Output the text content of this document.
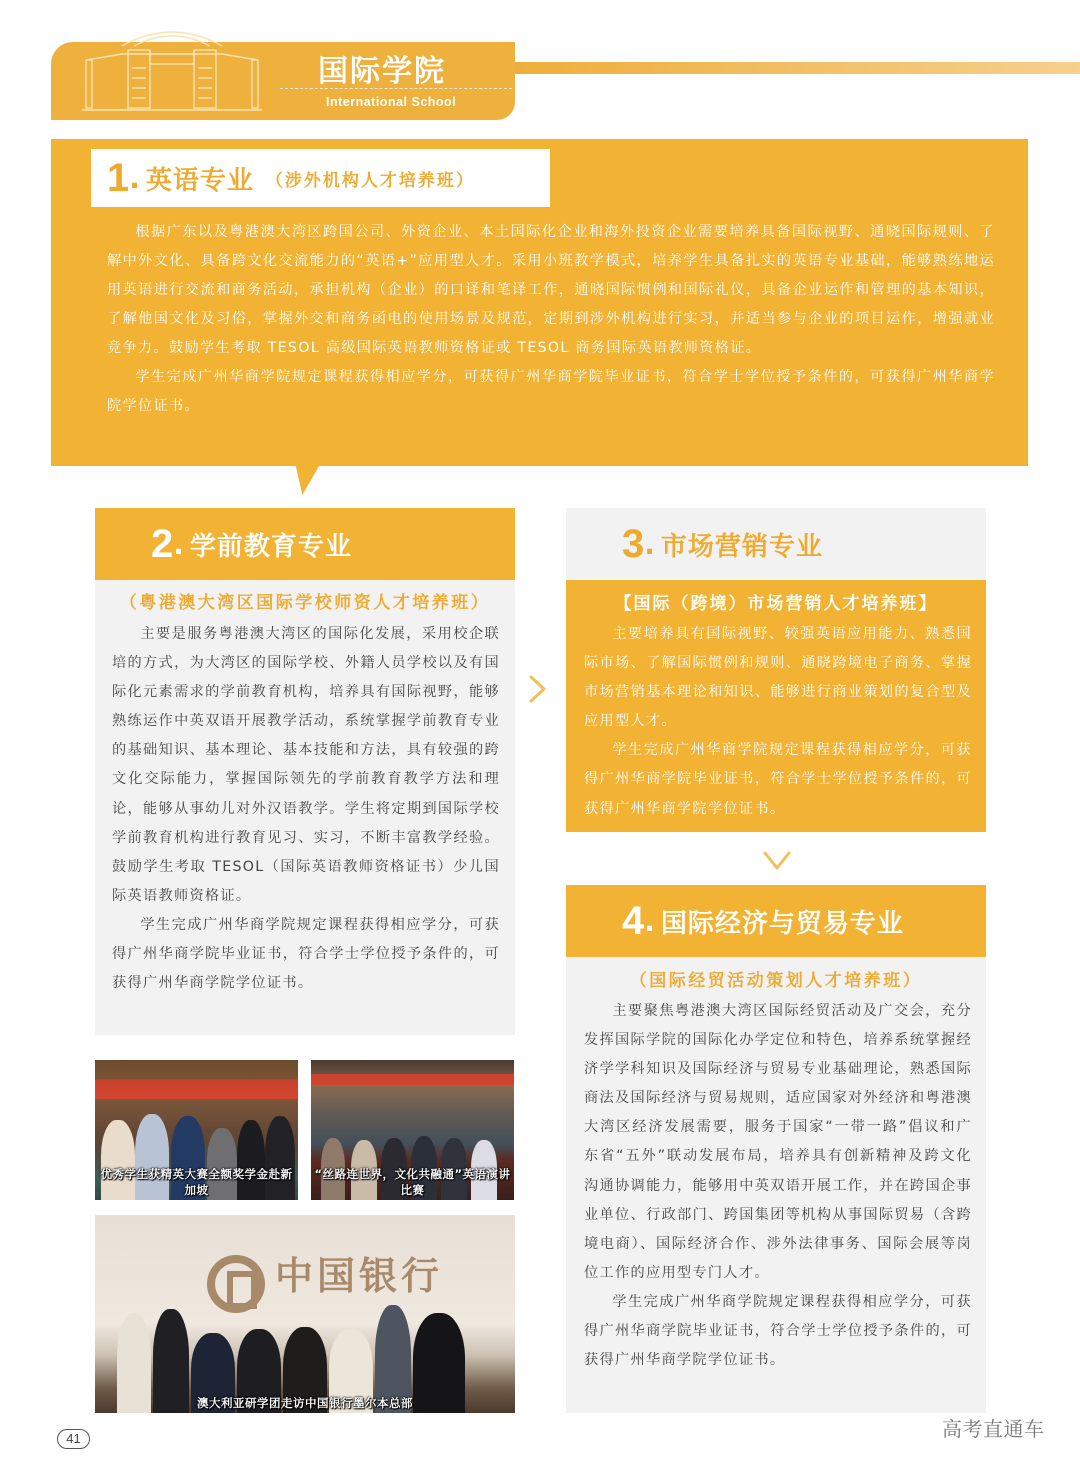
国际学院
International School
1 . 英语专业 （涉外机构人才培养班）

根据广东以及粤港澳大湾区跨国公司、外资企业、本土国际化企业和海外投资企业需要培养具备国际视野、通晓国际规则、了解中外文化、具备跨文化交流能力的“英语+”应用型人才。采用小班教学模式，培养学生具备扎实的英语专业基础，能够熟练地运用英语进行交流和商务活动，承担机构（企业）的口译和笔译工作，通晓国际惯例和国际礼仪，具备企业运作和管理的基本知识，了解他国文化及习俗，掌握外交和商务函电的使用场景及规范，定期到涉外机构进行实习，并适当参与企业的项目运作，增强就业竞争力。鼓励学生考取 TESOL 高级国际英语教师资格证或 TESOL 商务国际英语教师资格证。

学生完成广州华商学院规定课程获得相应学分，可获得广州华商学院毕业证书，符合学士学位授予条件的，可获得广州华商学院学位证书。

2 . 学前教育专业
（粤港澳大湾区国际学校师资人才培养班）

主要是服务粤港澳大湾区的国际化发展，采用校企联培的方式，为大湾区的国际学校、外籍人员学校以及有国际化元素需求的学前教育机构，培养具有国际视野，能够熟练运作中英双语开展教学活动，系统掌握学前教育专业的基础知识、基本理论、基本技能和方法，具有较强的跨文化交际能力，掌握国际领先的学前教育教学方法和理论，能够从事幼儿对外汉语教学。学生将定期到国际学校学前教育机构进行教育见习、实习，不断丰富教学经验。鼓励学生考取 TESOL（国际英语教师资格证书）少儿国际英语教师资格证。

学生完成广州华商学院规定课程获得相应学分，可获得广州华商学院毕业证书，符合学士学位授予条件的，可获得广州华商学院学位证书。

3 . 市场营销专业
【国际（跨境）市场营销人才培养班】

主要培养具有国际视野、较强英语应用能力、熟悉国际市场、了解国际惯例和规则、通晓跨境电子商务、掌握市场营销基本理论和知识、能够进行商业策划的复合型及应用型人才。

学生完成广州华商学院规定课程获得相应学分，可获得广州华商学院毕业证书，符合学士学位授予条件的，可获得广州华商学院学位证书。

4 . 国际经济与贸易专业
（国际经贸活动策划人才培养班）

主要聚焦粤港澳大湾区国际经贸活动及广交会，充分发挥国际学院的国际化办学定位和特色，培养系统掌握经济学学科知识及国际经济与贸易专业基础理论，熟悉国际商法及国际经济与贸易规则，适应国家对外经济和粤港澳大湾区经济发展需要，服务于国家“一带一路”倡议和广东省“五外”联动发展布局，培养具有创新精神及跨文化沟通协调能力，能够用中英双语开展工作，并在跨国企事业单位、行政部门、跨国集团等机构从事国际贸易（含跨境电商）、国际经济合作、涉外法律事务、国际会展等岗位工作的应用型专门人才。

学生完成广州华商学院规定课程获得相应学分，可获得广州华商学院毕业证书，符合学士学位授予条件的，可获得广州华商学院学位证书。

优秀学生获精英大赛全额奖学金赴新加坡
“丝路连世界，文化共融通”英语演讲比赛
中国银行
澳大利亚研学团走访中国银行墨尔本总部
41	高考直通车
